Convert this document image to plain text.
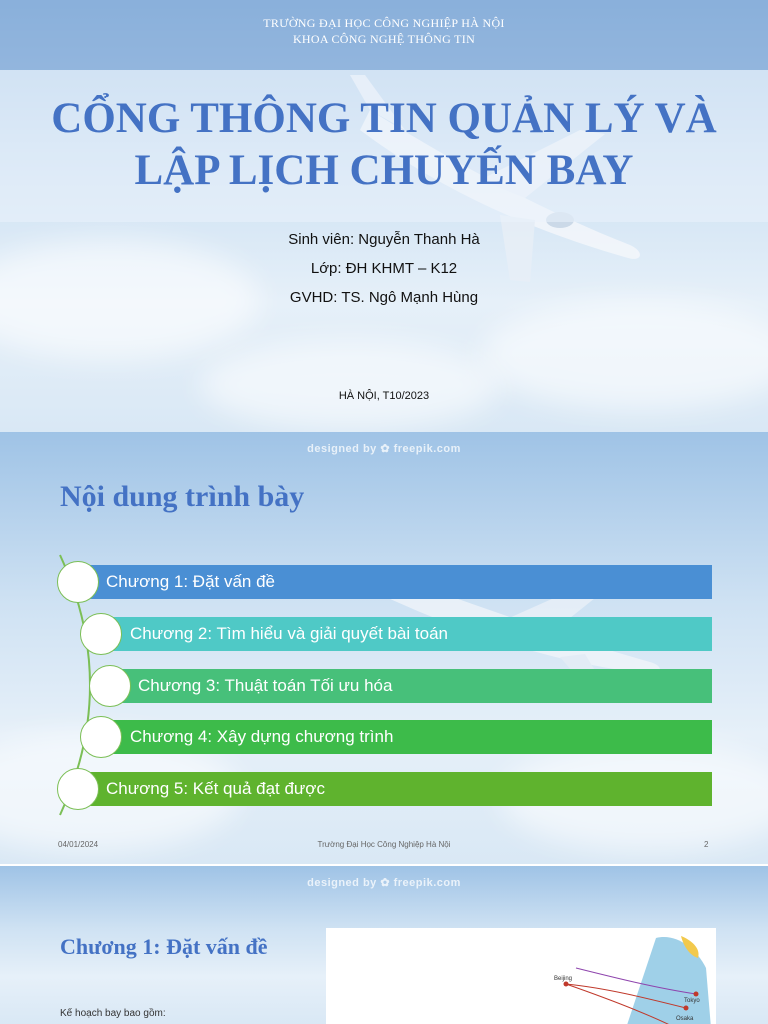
TRƯỜNG ĐẠI HỌC CÔNG NGHIỆP HÀ NỘI
KHOA CÔNG NGHỆ THÔNG TIN
CỔNG THÔNG TIN QUẢN LÝ VÀ
LẬP LỊCH CHUYẾN BAY
Sinh viên: Nguyễn Thanh Hà
Lớp: ĐH KHMT – K12
GVHD: TS. Ngô Mạnh Hùng
HÀ NỘI, T10/2023
designed by ✿ freepik.com
Nội dung trình bày
Chương 1: Đặt vấn đề
Chương 2: Tìm hiểu và giải quyết bài toán
Chương 3: Thuật toán Tối ưu hóa
Chương 4: Xây dựng chương trình
Chương 5: Kết quả đạt được
04/01/2024	Trường Đại Học Công Nghiệp Hà Nội	2
designed by ✿ freepik.com
Chương 1: Đặt vấn đề
Kế hoạch bay bao gồm:
Beijing
Tokyo
Osaka
